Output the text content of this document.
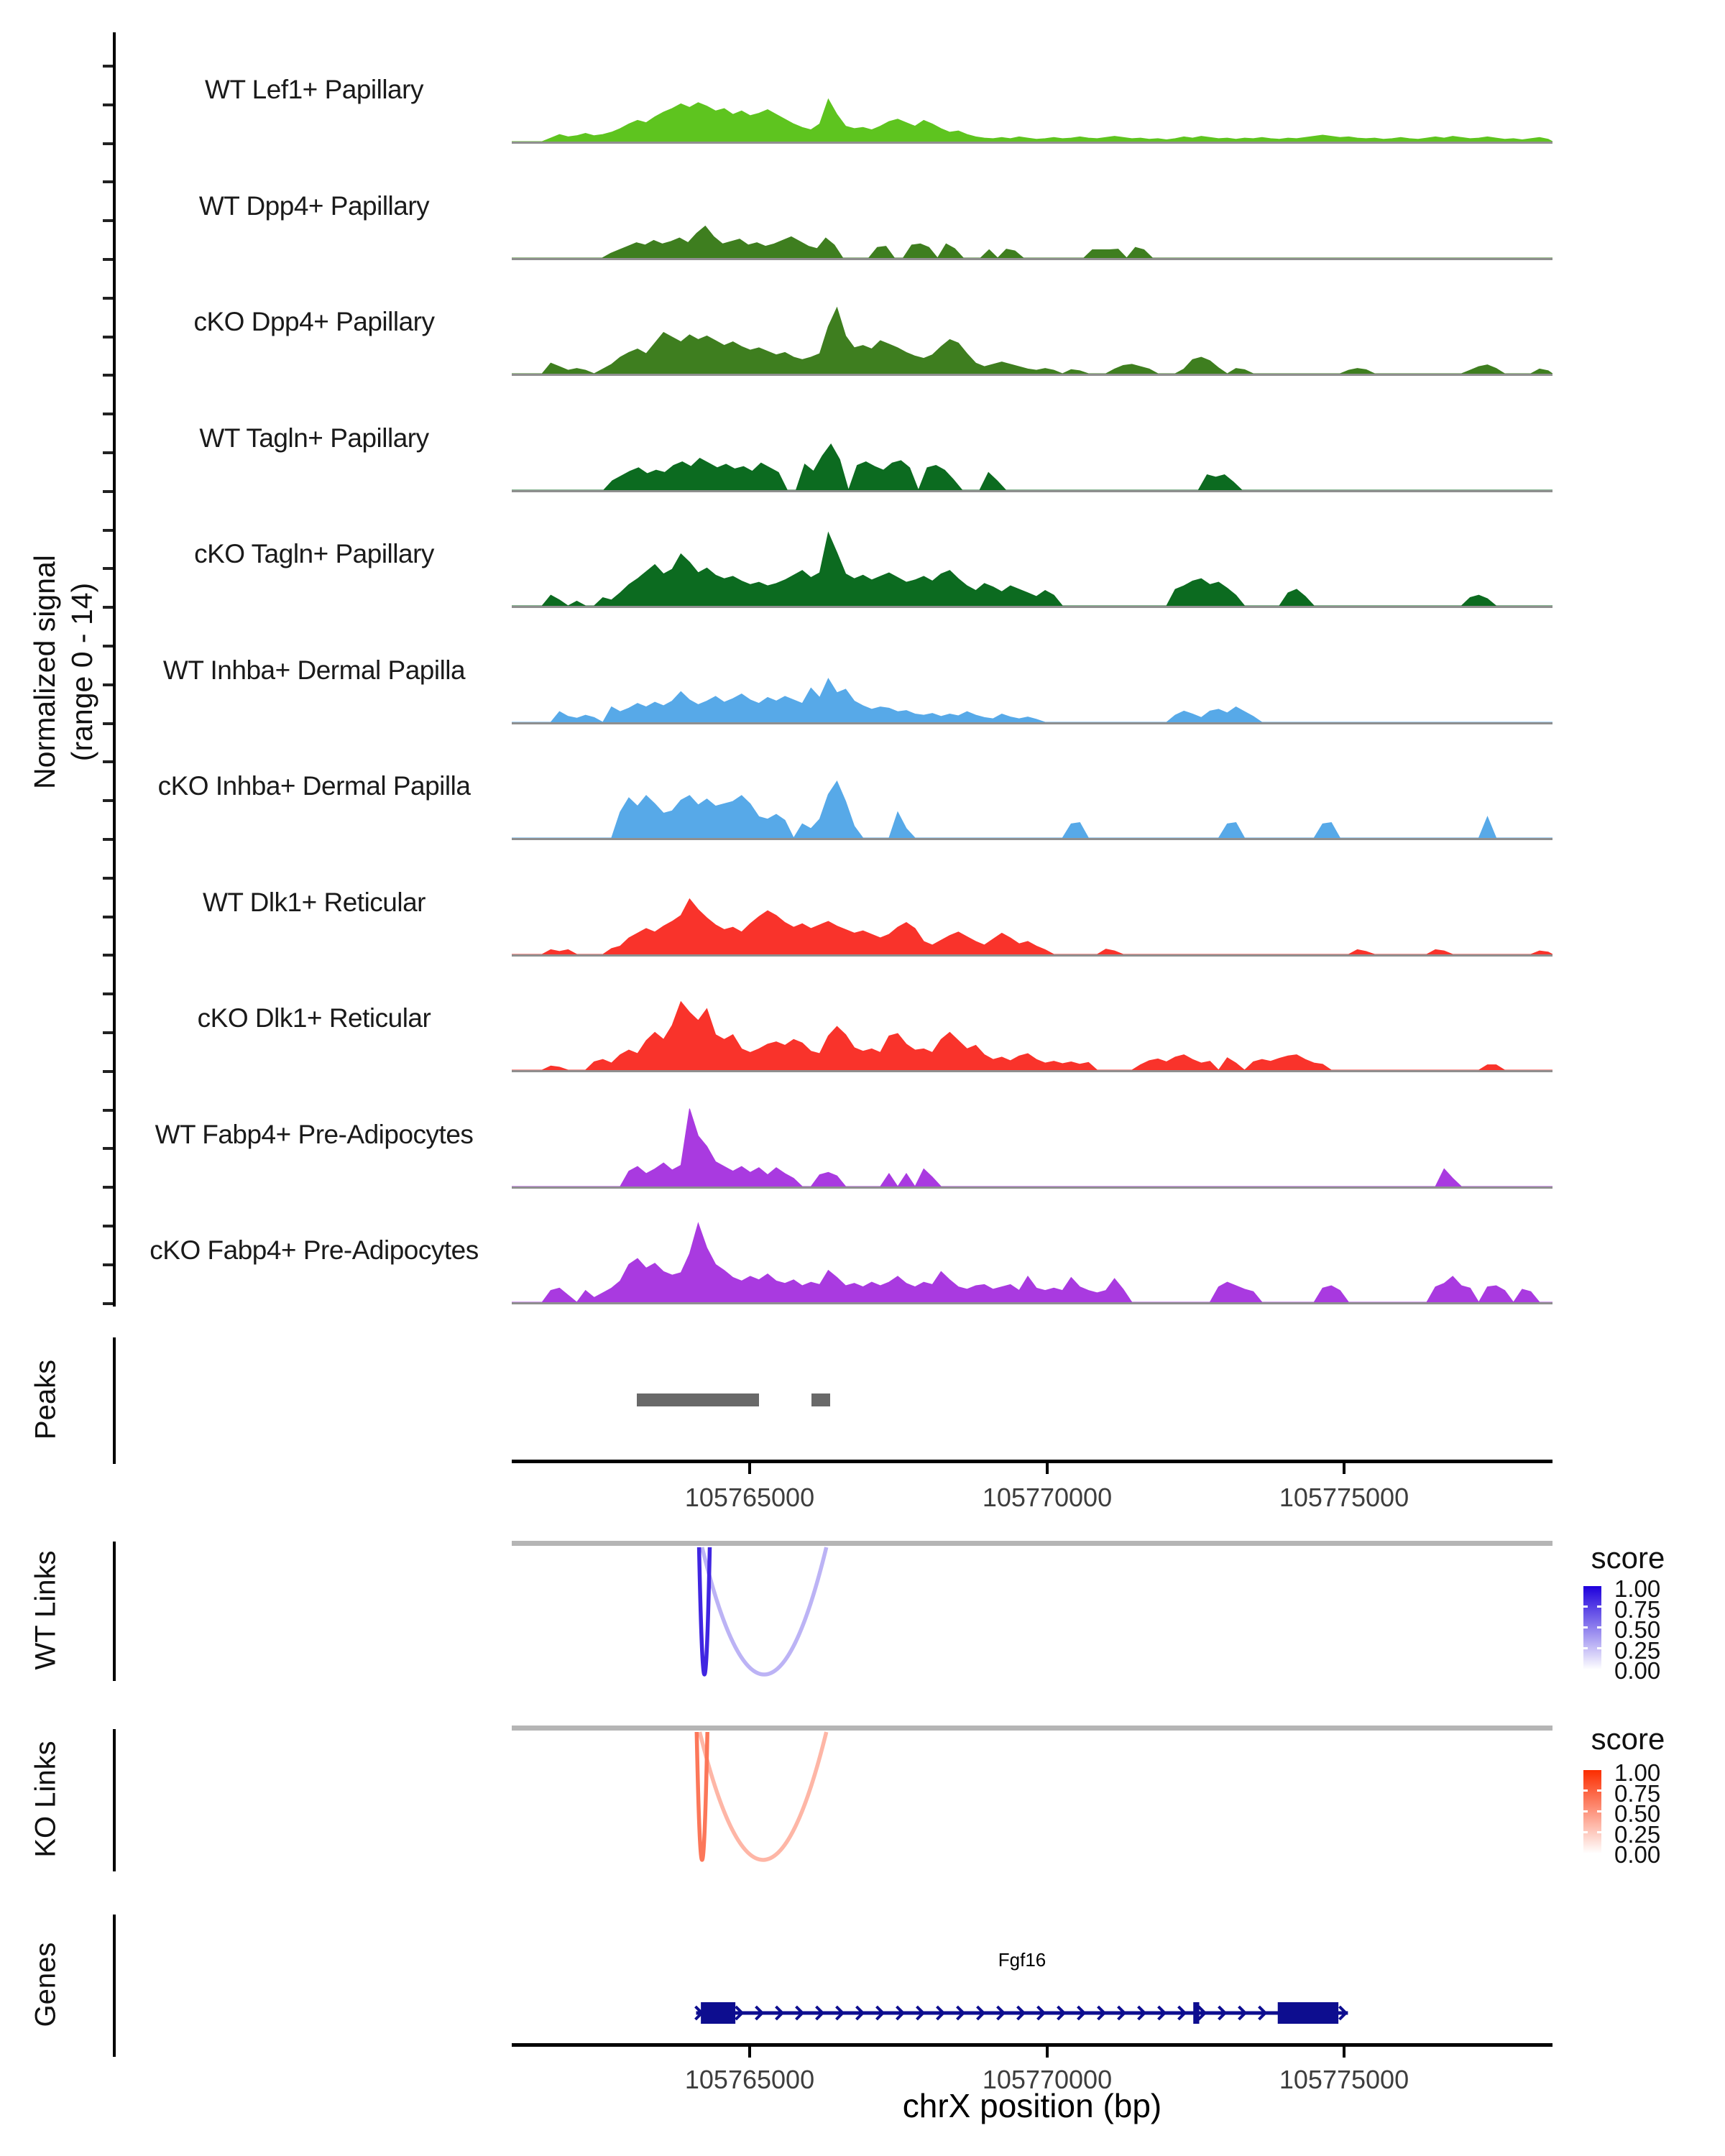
Normalized signal (range 0 - 14)
Peaks
WT Links
KO Links
Genes
score
score
Fgf16
chrX position (bp)
WT Lef1+ Papillary
WT Dpp4+ Papillary
cKO Dpp4+ Papillary
WT Tagln+ Papillary
cKO Tagln+ Papillary
WT Inhba+ Dermal Papilla
cKO Inhba+ Dermal Papilla
WT Dlk1+ Reticular
cKO Dlk1+ Reticular
WT Fabp4+ Pre-Adipocytes
cKO Fabp4+ Pre-Adipocytes
105765000	105770000	105775000
105765000	105770000	105775000
1.00
0.75
0.50
0.25
0.00
1.00
0.75
0.50
0.25
0.00
